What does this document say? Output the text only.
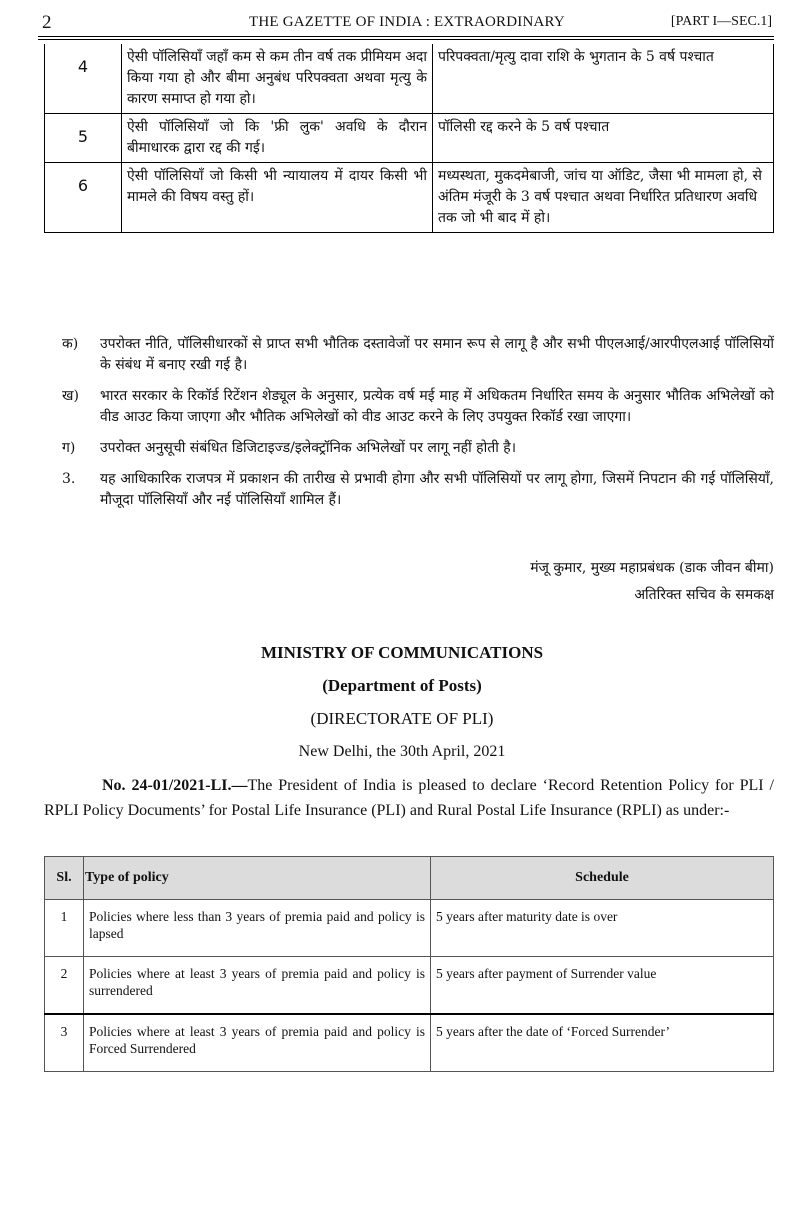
2	THE GAZETTE OF INDIA : EXTRAORDINARY	[PART I—SEC.1]
4	ऐसी पॉलिसियाँ जहाँ कम से कम तीन वर्ष तक प्रीमियम अदा किया गया हो और बीमा अनुबंध परिपक्वता अथवा मृत्यु के कारण समाप्त हो गया हो।	परिपक्वता/मृत्यु दावा राशि के भुगतान के 5 वर्ष पश्चात
5	ऐसी पॉलिसियाँ जो कि 'फ्री लुक' अवधि के दौरान बीमाधारक द्वारा रद्द की गई।	पॉलिसी रद्द करने के 5 वर्ष पश्चात
6	ऐसी पॉलिसियाँ जो किसी भी न्यायालय में दायर किसी भी मामले की विषय वस्तु हों।	मध्यस्थता, मुकदमेबाजी, जांच या ऑडिट, जैसा भी मामला हो, से अंतिम मंजूरी के 3 वर्ष पश्चात अथवा निर्धारित प्रतिधारण अवधि तक जो भी बाद में हो।
क)	उपरोक्त नीति, पॉलिसीधारकों से प्राप्त सभी भौतिक दस्तावेजों पर समान रूप से लागू है और सभी पीएलआई/आरपीएलआई पॉलिसियों के संबंध में बनाए रखी गई है।
ख)	भारत सरकार के रिकॉर्ड रिटेंशन शेड्यूल के अनुसार, प्रत्येक वर्ष मई माह में अधिकतम निर्धारित समय के अनुसार भौतिक अभिलेखों को वीड आउट किया जाएगा और भौतिक अभिलेखों को वीड आउट करने के लिए उपयुक्त रिकॉर्ड रखा जाएगा।
ग)	उपरोक्त अनुसूची संबंधित डिजिटाइज्ड/इलेक्ट्रॉनिक अभिलेखों पर लागू नहीं होती है।
3.	यह आधिकारिक राजपत्र में प्रकाशन की तारीख से प्रभावी होगा और सभी पॉलिसियों पर लागू होगा, जिसमें निपटान की गई पॉलिसियाँ, मौजूदा पॉलिसियाँ और नई पॉलिसियाँ शामिल हैं।
मंजू कुमार, मुख्य महाप्रबंधक (डाक जीवन बीमा)
अतिरिक्त सचिव के समकक्ष
MINISTRY OF COMMUNICATIONS
(Department of Posts)
(DIRECTORATE OF PLI)
New Delhi, the 30th April, 2021
No. 24-01/2021-LI.—The President of India is pleased to declare ‘Record Retention Policy for PLI / RPLI Policy Documents’ for Postal Life Insurance (PLI) and Rural Postal Life Insurance (RPLI) as under:-
Sl.	Type of policy	Schedule
1	Policies where less than 3 years of premia paid and policy is lapsed	5 years after maturity date is over
2	Policies where at least 3 years of premia paid and policy is surrendered	5 years after payment of Surrender value
3	Policies where at least 3 years of premia paid and policy is Forced Surrendered	5 years after the date of ‘Forced Surrender’
